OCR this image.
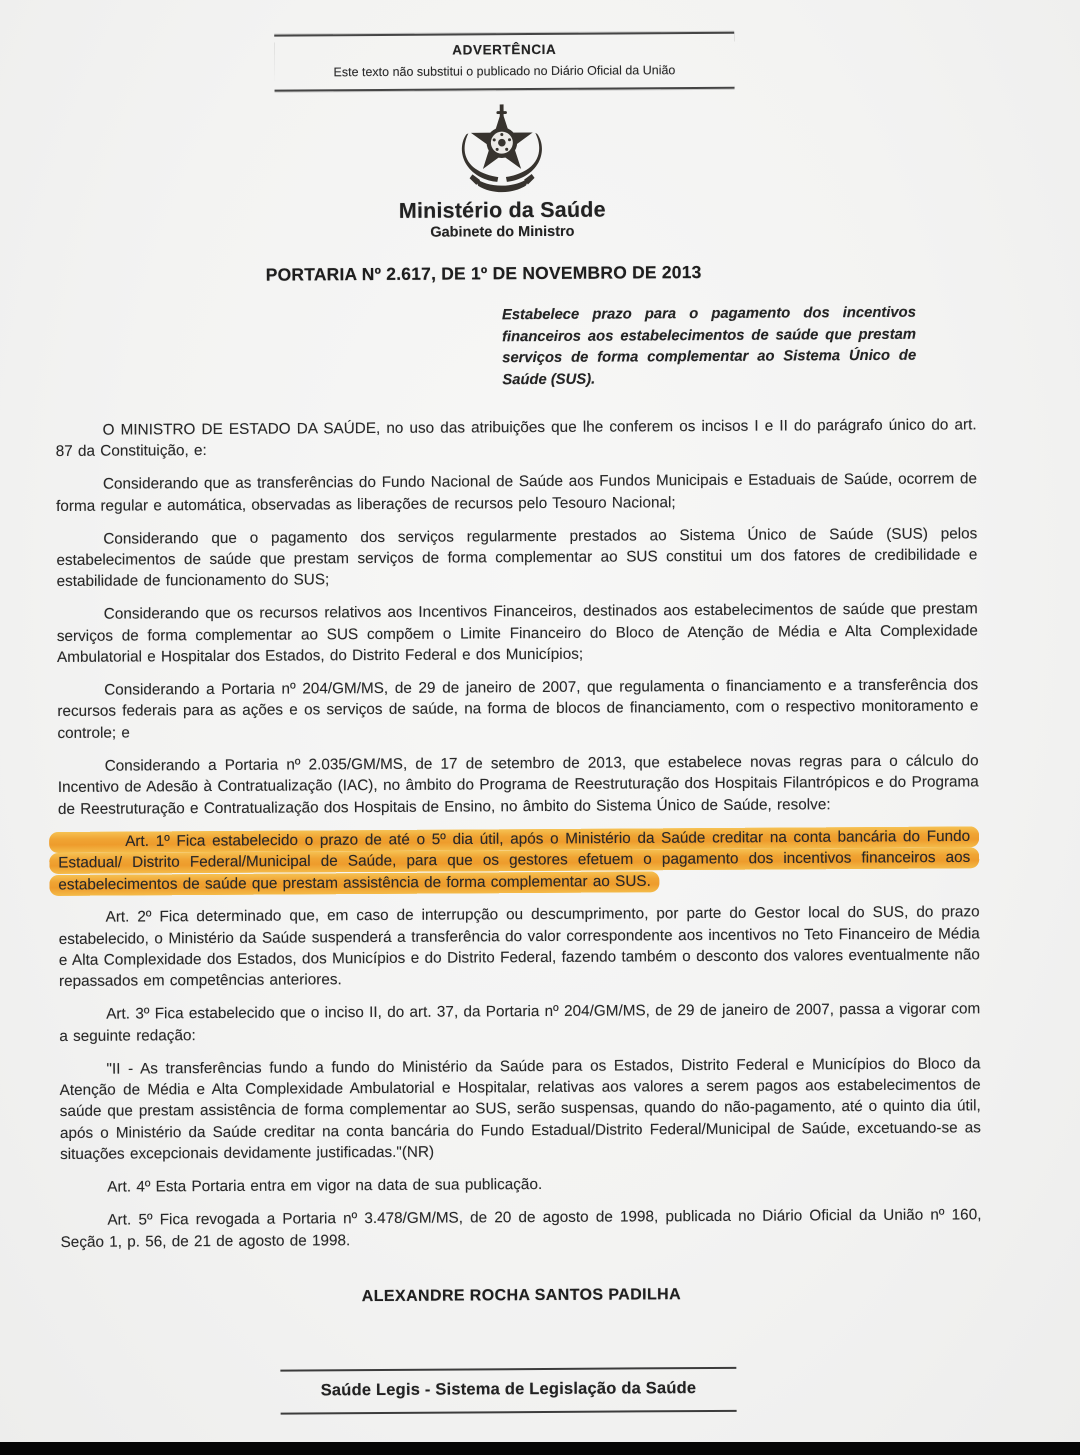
ADVERTÊNCIA
Este texto não substitui o publicado no Diário Oficial da União
Ministério da Saúde
Gabinete do Ministro
PORTARIA Nº 2.617, DE 1º DE NOVEMBRO DE 2013
Estabelece prazo para o pagamento dos incentivos financeiros aos estabelecimentos de saúde que prestam serviços de forma complementar ao Sistema Único de Saúde (SUS).

O MINISTRO DE ESTADO DA SAÚDE, no uso das atribuições que lhe conferem os incisos I e II do parágrafo único do art. 87 da Constituição, e:

Considerando que as transferências do Fundo Nacional de Saúde aos Fundos Municipais e Estaduais de Saúde, ocorrem de forma regular e automática, observadas as liberações de recursos pelo Tesouro Nacional;

Considerando que o pagamento dos serviços regularmente prestados ao Sistema Único de Saúde (SUS) pelos estabelecimentos de saúde que prestam serviços de forma complementar ao SUS constitui um dos fatores de credibilidade e estabilidade de funcionamento do SUS;

Considerando que os recursos relativos aos Incentivos Financeiros, destinados aos estabelecimentos de saúde que prestam serviços de forma complementar ao SUS compõem o Limite Financeiro do Bloco de Atenção de Média e Alta Complexidade Ambulatorial e Hospitalar dos Estados, do Distrito Federal e dos Municípios;

Considerando a Portaria nº 204/GM/MS, de 29 de janeiro de 2007, que regulamenta o financiamento e a transferência dos recursos federais para as ações e os serviços de saúde, na forma de blocos de financiamento, com o respectivo monitoramento e controle; e

Considerando a Portaria nº 2.035/GM/MS, de 17 de setembro de 2013, que estabelece novas regras para o cálculo do Incentivo de Adesão à Contratualização (IAC), no âmbito do Programa de Reestruturação dos Hospitais Filantrópicos e do Programa de Reestruturação e Contratualização dos Hospitais de Ensino, no âmbito do Sistema Único de Saúde, resolve:

Art. 1º Fica estabelecido o prazo de até o 5º dia útil, após o Ministério da Saúde creditar na conta bancária do Fundo Estadual/ Distrito Federal/Municipal de Saúde, para que os gestores efetuem o pagamento dos incentivos financeiros aos estabelecimentos de saúde que prestam assistência de forma complementar ao SUS.

Art. 2º Fica determinado que, em caso de interrupção ou descumprimento, por parte do Gestor local do SUS, do prazo estabelecido, o Ministério da Saúde suspenderá a transferência do valor correspondente aos incentivos no Teto Financeiro de Média e Alta Complexidade dos Estados, dos Municípios e do Distrito Federal, fazendo também o desconto dos valores eventualmente não repassados em competências anteriores.

Art. 3º Fica estabelecido que o inciso II, do art. 37, da Portaria nº 204/GM/MS, de 29 de janeiro de 2007, passa a vigorar com a seguinte redação:

"II - As transferências fundo a fundo do Ministério da Saúde para os Estados, Distrito Federal e Municípios do Bloco da Atenção de Média e Alta Complexidade Ambulatorial e Hospitalar, relativas aos valores a serem pagos aos estabelecimentos de saúde que prestam assistência de forma complementar ao SUS, serão suspensas, quando do não-pagamento, até o quinto dia útil, após o Ministério da Saúde creditar na conta bancária do Fundo Estadual/Distrito Federal/Municipal de Saúde, excetuando-se as situações excepcionais devidamente justificadas."(NR)

Art. 4º Esta Portaria entra em vigor na data de sua publicação.

Art. 5º Fica revogada a Portaria nº 3.478/GM/MS, de 20 de agosto de 1998, publicada no Diário Oficial da União nº 160, Seção 1, p. 56, de 21 de agosto de 1998.

ALEXANDRE ROCHA SANTOS PADILHA
Saúde Legis - Sistema de Legislação da Saúde
